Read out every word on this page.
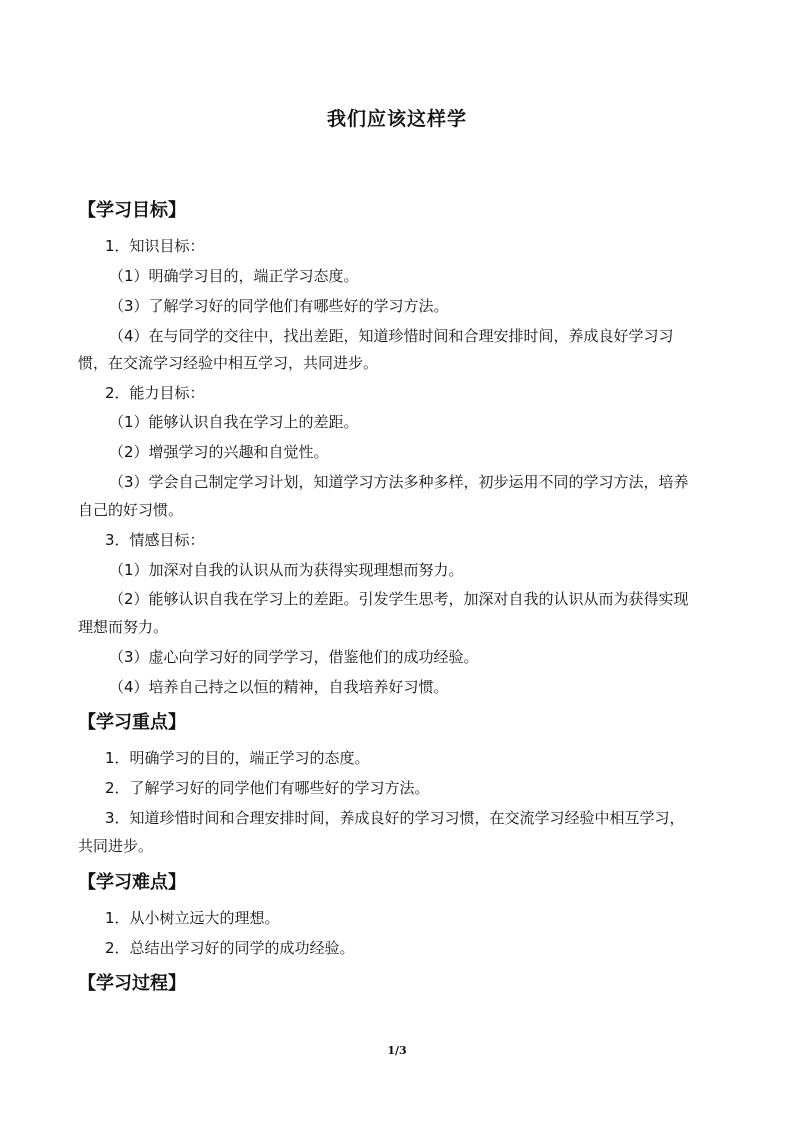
我们应该这样学
【学习目标】
1．知识目标：
（1）明确学习目的，端正学习态度。
（3）了解学习好的同学他们有哪些好的学习方法。
（4）在与同学的交往中，找出差距，知道珍惜时间和合理安排时间，养成良好学习习
惯，在交流学习经验中相互学习，共同进步。
2．能力目标：
（1）能够认识自我在学习上的差距。
（2）增强学习的兴趣和自觉性。
（3）学会自己制定学习计划，知道学习方法多种多样，初步运用不同的学习方法，培养
自己的好习惯。
3．情感目标：
（1）加深对自我的认识从而为获得实现理想而努力。
（2）能够认识自我在学习上的差距。引发学生思考，加深对自我的认识从而为获得实现
理想而努力。
（3）虚心向学习好的同学学习，借鉴他们的成功经验。
（4）培养自己持之以恒的精神，自我培养好习惯。
【学习重点】
1．明确学习的目的，端正学习的态度。
2．了解学习好的同学他们有哪些好的学习方法。
3．知道珍惜时间和合理安排时间，养成良好的学习习惯，在交流学习经验中相互学习，
共同进步。
【学习难点】
1．从小树立远大的理想。
2．总结出学习好的同学的成功经验。
【学习过程】
1/3
